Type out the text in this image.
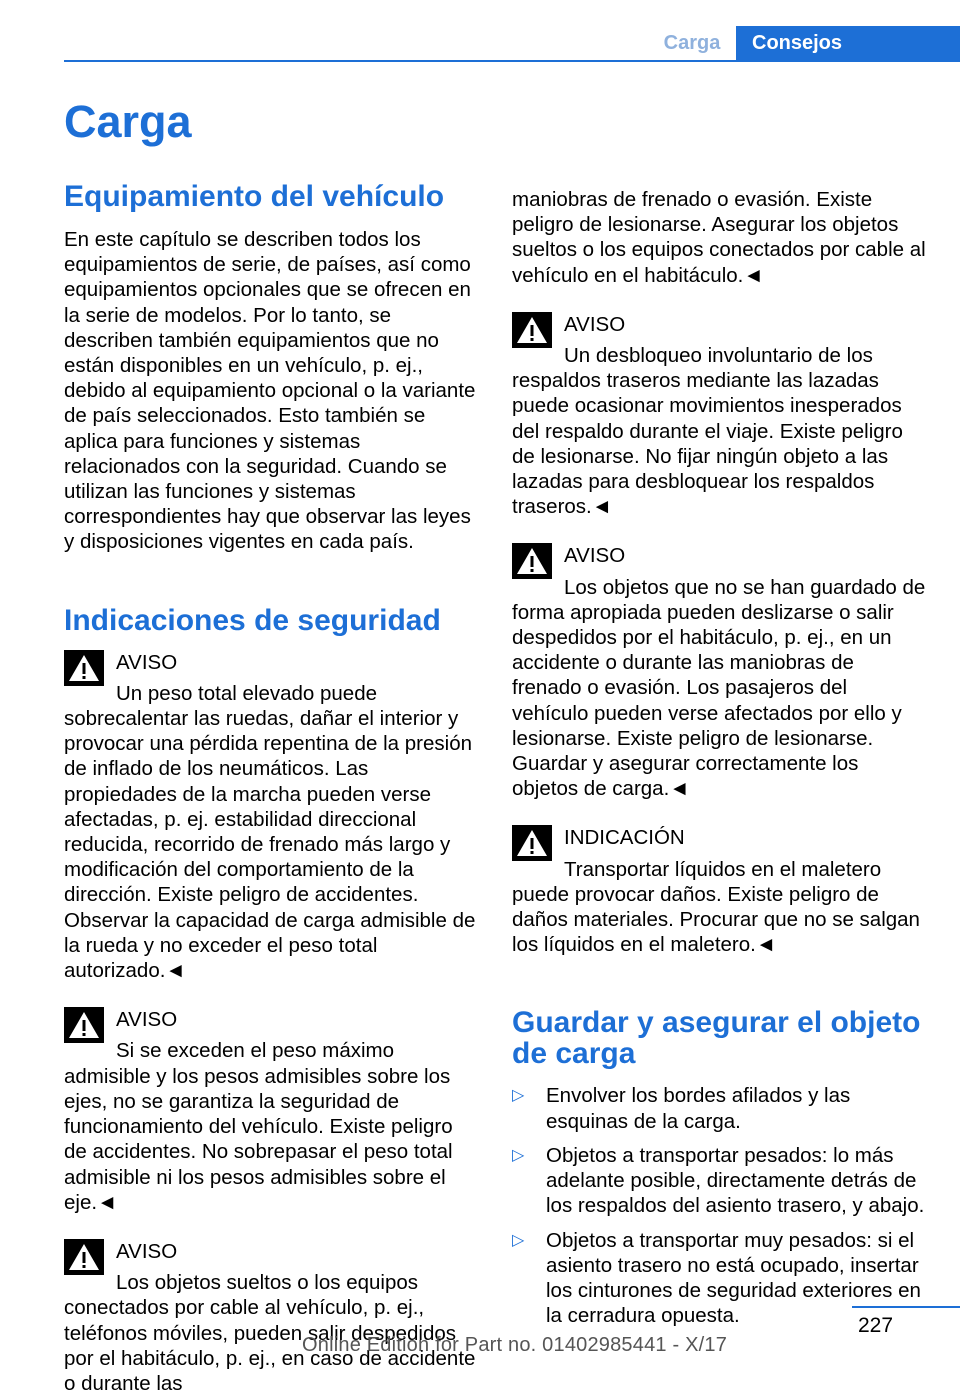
Carga	Consejos
Carga
Equipamiento del vehículo

En este capítulo se describen todos los equipamientos de serie, de países, así como equipamientos opcionales que se ofrecen en la serie de modelos. Por lo tanto, se describen también equipamientos que no están disponibles en un vehículo, p. ej., debido al equipamiento opcional o la variante de país seleccionados. Esto también se aplica para funciones y sistemas relacionados con la seguridad. Cuando se utilizan las funciones y sistemas correspondientes hay que observar las leyes y disposiciones vigentes en cada país.

Indicaciones de seguridad
AVISO

Un peso total elevado puede sobrecalentar las ruedas, dañar el interior y provocar una pérdida repentina de la presión de inflado de los neumáticos. Las propiedades de la marcha pueden verse afectadas, p. ej. estabilidad direccional reducida, recorrido de frenado más largo y modificación del comportamiento de la dirección. Existe peligro de accidentes. Observar la capacidad de carga admisible de la rueda y no exceder el peso total autorizado.◄

AVISO

Si se exceden el peso máximo admisible y los pesos admisibles sobre los ejes, no se garantiza la seguridad de funcionamiento del vehículo. Existe peligro de accidentes. No sobrepasar el peso total admisible ni los pesos admisibles sobre el eje.◄

AVISO

Los objetos sueltos o los equipos conectados por cable al vehículo, p. ej., teléfonos móviles, pueden salir despedidos por el habitáculo, p. ej., en caso de accidente o durante las

maniobras de frenado o evasión. Existe peligro de lesionarse. Asegurar los objetos sueltos o los equipos conectados por cable al vehículo en el habitáculo.◄

AVISO

Un desbloqueo involuntario de los respaldos traseros mediante las lazadas puede ocasionar movimientos inesperados del respaldo durante el viaje. Existe peligro de lesionarse. No fijar ningún objeto a las lazadas para desbloquear los respaldos traseros.◄

AVISO

Los objetos que no se han guardado de forma apropiada pueden deslizarse o salir despedidos por el habitáculo, p. ej., en un accidente o durante las maniobras de frenado o evasión. Los pasajeros del vehículo pueden verse afectados por ello y lesionarse. Existe peligro de lesionarse. Guardar y asegurar correctamente los objetos de carga.◄

INDICACIÓN

Transportar líquidos en el maletero puede provocar daños. Existe peligro de daños materiales. Procurar que no se salgan los líquidos en el maletero.◄

Guardar y asegurar el objeto de carga
▷ Envolver los bordes afilados y las esquinas de la carga.
▷ Objetos a transportar pesados: lo más adelante posible, directamente detrás de los respaldos del asiento trasero, y abajo.
▷ Objetos a transportar muy pesados: si el asiento trasero no está ocupado, insertar los cinturones de seguridad exteriores en la cerradura opuesta.	227
Online Edition for Part no. 01402985441 - X/17
